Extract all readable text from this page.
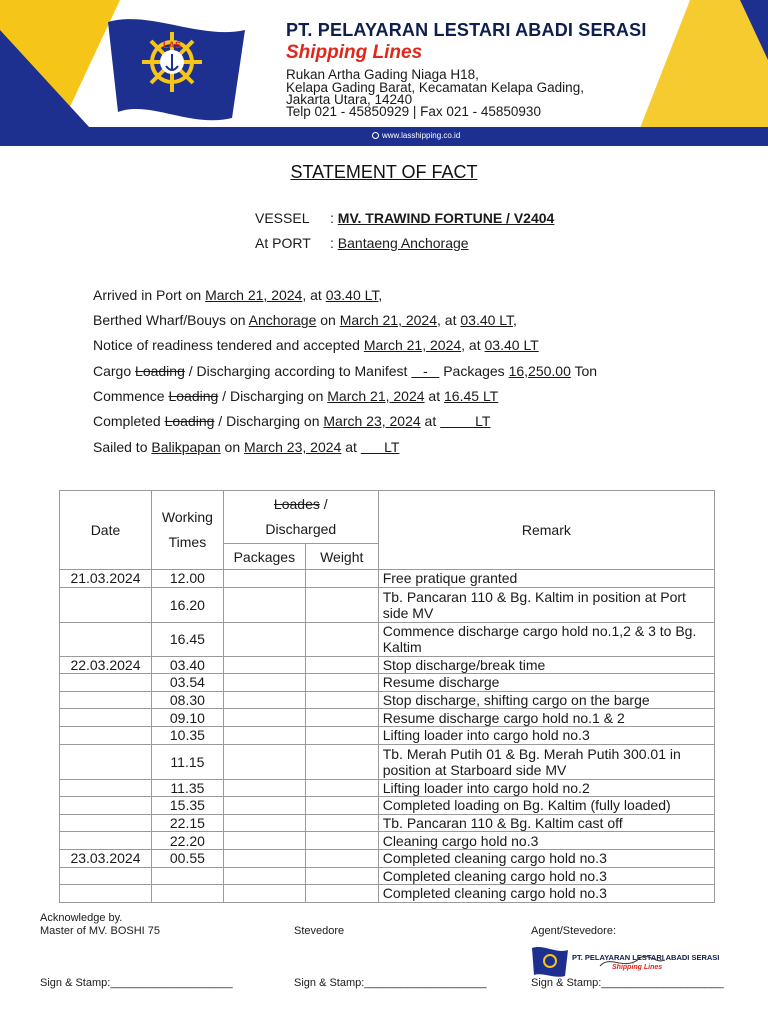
LAS
PT. PELAYARAN LESTARI ABADI SERASI
Shipping Lines
Rukan Artha Gading Niaga H18,
Kelapa Gading Barat, Kecamatan Kelapa Gading,
Jakarta Utara, 14240
Telp 021 - 45850929 | Fax 021 - 45850930
www.lasshipping.co.id
STATEMENT OF FACT
VESSEL : MV. TRAWIND FORTUNE / V2404
At PORT : Bantaeng Anchorage
Arrived in Port on March 21, 2024, at 03.40 LT,
Berthed Wharf/Bouys on Anchorage on March 21, 2024, at 03.40 LT,
Notice of readiness tendered and accepted March 21, 2024, at 03.40 LT
Cargo Loading / Discharging according to Manifest    -    Packages 16,250.00 Ton
Commence Loading / Discharging on March 21, 2024 at 16.45 LT
Completed Loading / Discharging on March 23, 2024 at          LT
Sailed to Balikpapan on March 23, 2024 at       LT
Date	Working Times	Loades /
Discharged		Remark
		Packages	Weight	
21.03.2024	12.00			Free pratique granted
	16.20			Tb. Pancaran 110 & Bg. Kaltim in position at Port side MV
	16.45			Commence discharge cargo hold no.1,2 & 3 to Bg. Kaltim
22.03.2024	03.40			Stop discharge/break time
	03.54			Resume discharge
	08.30			Stop discharge, shifting cargo on the barge
	09.10			Resume discharge cargo hold no.1 & 2
	10.35			Lifting loader into cargo hold no.3
	11.15			Tb. Merah Putih 01 & Bg. Merah Putih 300.01 in position at Starboard side MV
	11.35			Lifting loader into cargo hold no.2
	15.35			Completed loading on Bg. Kaltim (fully loaded)
	22.15			Tb. Pancaran 110 & Bg. Kaltim cast off
	22.20			Cleaning cargo hold no.3
23.03.2024	00.55			Completed cleaning cargo hold no.3
				Completed cleaning cargo hold no.3
				Completed cleaning cargo hold no.3
Acknowledge by.
Master of MV. BOSHI 75	Stevedore	Agent/Stevedore:
PT. PELAYARAN LESTARI ABADI SERASI
Shipping Lines
Sign & Stamp:____________________	Sign & Stamp:____________________	Sign & Stamp:____________________
